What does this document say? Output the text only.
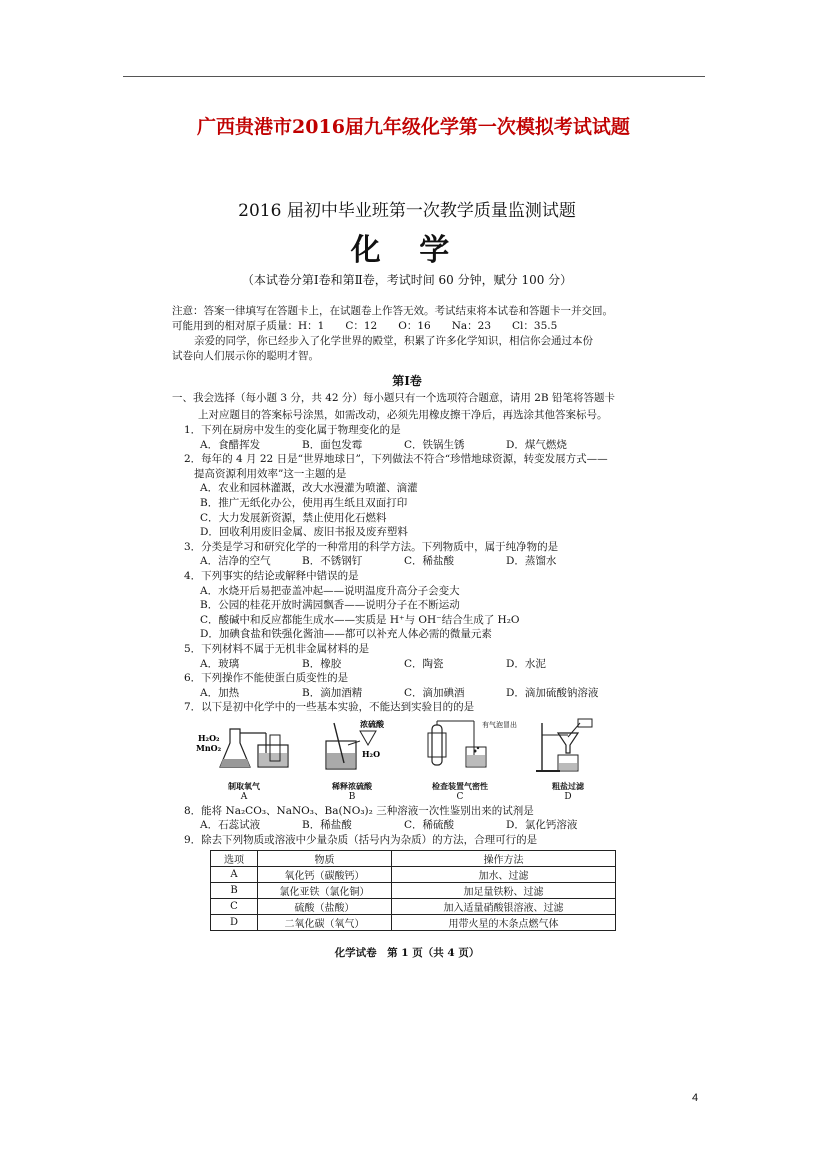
广西贵港市2016届九年级化学第一次模拟考试试题
2016 届初中毕业班第一次教学质量监测试题
化 学
（本试卷分第Ⅰ卷和第Ⅱ卷，考试时间 60 分钟，赋分 100 分）
注意：答案一律填写在答题卡上，在试题卷上作答无效。考试结束将本试卷和答题卡一并交回。
可能用到的相对原子质量：H：1　　C：12　　O：16　　Na：23　　Cl：35.5
亲爱的同学，你已经步入了化学世界的殿堂，积累了许多化学知识，相信你会通过本份
试卷向人们展示你的聪明才智。
第Ⅰ卷
一、我会选择（每小题 3 分，共 42 分）每小题只有一个选项符合题意，请用 2B 铅笔将答题卡
上对应题目的答案标号涂黑，如需改动，必须先用橡皮擦干净后，再选涂其他答案标号。
1．下列在厨房中发生的变化属于物理变化的是
A．食醋挥发	B．面包发霉	C．铁锅生锈	D．煤气燃烧
2．每年的 4 月 22 日是“世界地球日”，下列做法不符合“珍惜地球资源，转变发展方式——
提高资源利用效率”这一主题的是
A．农业和园林灌溉，改大水漫灌为喷灌、滴灌
B．推广无纸化办公，使用再生纸且双面打印
C．大力发展新资源，禁止使用化石燃料
D．回收利用废旧金属、废旧书报及废弃塑料
3．分类是学习和研究化学的一种常用的科学方法。下列物质中，属于纯净物的是
A．洁净的空气	B．不锈钢钉	C．稀盐酸	D．蒸馏水
4．下列事实的结论或解释中错误的是
A．水烧开后易把壶盖冲起——说明温度升高分子会变大
B．公园的桂花开放时满园飘香——说明分子在不断运动
C．酸碱中和反应都能生成水——实质是 H⁺与 OH⁻结合生成了 H₂O
D．加碘食盐和铁强化酱油——都可以补充人体必需的微量元素
5．下列材料不属于无机非金属材料的是
A．玻璃	B．橡胶	C．陶瓷	D．水泥
6．下列操作不能使蛋白质变性的是
A．加热	B．滴加酒精	C．滴加碘酒	D．滴加硫酸钠溶液
7．以下是初中化学中的一些基本实验，不能达到实验目的的是
H₂O₂
MnO₂
制取氧气
A
浓硫酸
H₂O
稀释浓硫酸
B
有气泡冒出
检查装置气密性
C
粗盐过滤
D
8．能将 Na₂CO₃、NaNO₃、Ba(NO₃)₂ 三种溶液一次性鉴别出来的试剂是
A．石蕊试液	B．稀盐酸	C．稀硫酸	D．氯化钙溶液
9．除去下列物质或溶液中少量杂质（括号内为杂质）的方法，合理可行的是
选项	物质	操作方法
A	氧化钙（碳酸钙）	加水、过滤
B	氯化亚铁（氯化铜）	加足量铁粉、过滤
C	硫酸（盐酸）	加入适量硝酸银溶液、过滤
D	二氧化碳（氧气）	用带火星的木条点燃气体
化学试卷　第 1 页（共 4 页）
4
